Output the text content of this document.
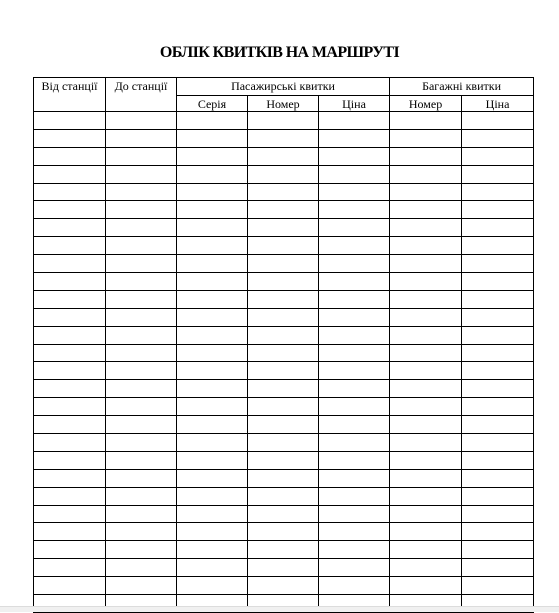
ОБЛІК КВИТКІВ НА МАРШРУТІ
Від станції	До станції	Пасажирські квитки			Багажні квитки	
		Серія	Номер	Ціна	Номер	Ціна
